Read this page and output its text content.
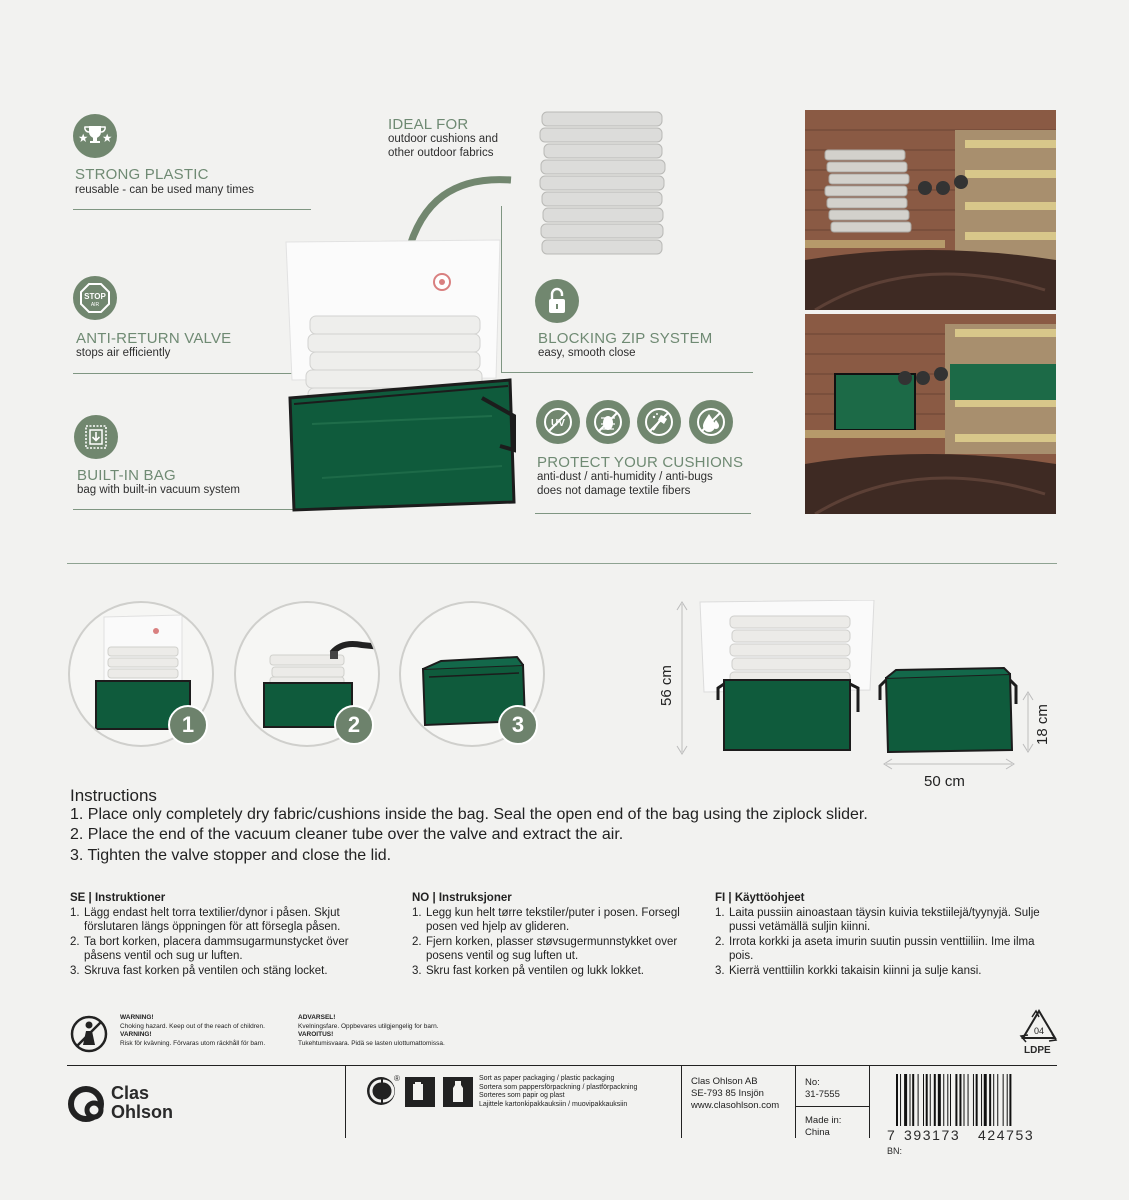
STRONG PLASTIC
reusable - can be used many times
STOP
AIR
ANTI-RETURN VALVE
stops air efficiently
BUILT-IN BAG
bag with built-in vacuum system
IDEAL FOR
outdoor cushions and
other outdoor fabrics
BLOCKING ZIP SYSTEM
easy, smooth close
UV
PROTECT YOUR CUSHIONS
anti-dust / anti-humidity / anti-bugs
does not damage textile fibers
1	2	3
56 cm
18 cm
50 cm
Instructions
1. Place only completely dry fabric/cushions inside the bag. Seal the open end of the bag using the ziplock slider.
2. Place the end of the vacuum cleaner tube over the valve and extract the air.
3. Tighten the valve stopper and close the lid.
SE | Instruktioner
1. Lägg endast helt torra textilier/dynor i påsen. Skjut förslutaren längs öppningen för att försegla påsen.
2. Ta bort korken, placera dammsugarmunstycket över påsens ventil och sug ur luften.
3. Skruva fast korken på ventilen och stäng locket.
NO | Instruksjoner
1. Legg kun helt tørre tekstiler/puter i posen. Forsegl posen ved hjelp av glideren.
2. Fjern korken, plasser støvsugermunnstykket over posens ventil og sug luften ut.
3. Skru fast korken på ventilen og lukk lokket.
FI | Käyttöohjeet
1. Laita pussiin ainoastaan täysin kuivia tekstiilejä/tyynyjä. Sulje pussi vetämällä suljin kiinni.
2. Irrota korkki ja aseta imurin suutin pussin venttiiliin. Ime ilma pois.
3. Kierrä venttiilin korkki takaisin kiinni ja sulje kansi.
WARNING!
Choking hazard. Keep out of the reach of children.
VARNING!
Risk för kvävning. Förvaras utom räckhåll för barn.
ADVARSEL!
Kvelningsfare. Oppbevares utilgjengelig for barn.
VAROITUS!
Tukehtumisvaara. Pidä se lasten ulottumattomissa.
04
LDPE
Clas
Ohlson
®	Sort as paper packaging / plastic packaging
Sortera som pappersförpackning / plastförpackning
Sorteres som papir og plast
Lajittele kartonkipakkauksiin / muovipakkauksiin
Clas Ohlson AB
SE-793 85 Insjön
www.clasohlson.com
No:
31-7555
Made in:
China	7 393173 424753
BN:
